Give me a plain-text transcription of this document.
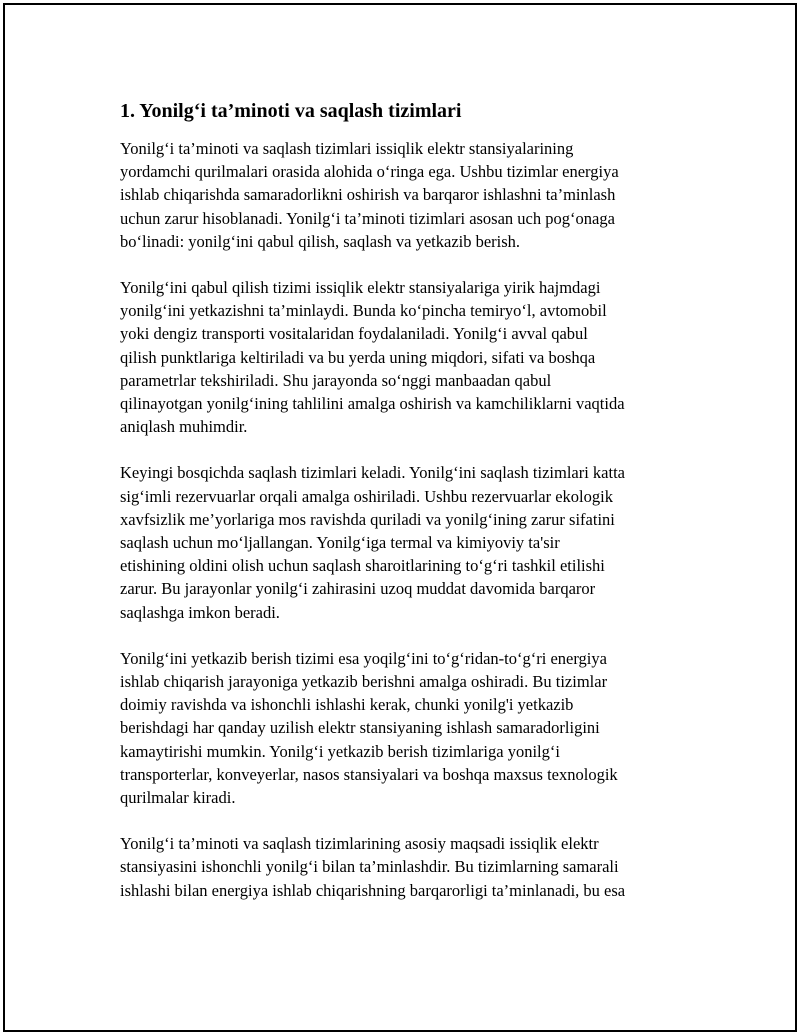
1. Yonilg‘i ta’minoti va saqlash tizimlari

Yonilg‘i ta’minoti va saqlash tizimlari issiqlik elektr stansiyalarining
yordamchi qurilmalari orasida alohida o‘ringa ega. Ushbu tizimlar energiya
ishlab chiqarishda samaradorlikni oshirish va barqaror ishlashni ta’minlash
uchun zarur hisoblanadi. Yonilg‘i ta’minoti tizimlari asosan uch pog‘onaga
bo‘linadi: yonilg‘ini qabul qilish, saqlash va yetkazib berish.

Yonilg‘ini qabul qilish tizimi issiqlik elektr stansiyalariga yirik hajmdagi
yonilg‘ini yetkazishni ta’minlaydi. Bunda ko‘pincha temiryo‘l, avtomobil
yoki dengiz transporti vositalaridan foydalaniladi. Yonilg‘i avval qabul
qilish punktlariga keltiriladi va bu yerda uning miqdori, sifati va boshqa
parametrlar tekshiriladi. Shu jarayonda so‘nggi manbaadan qabul
qilinayotgan yonilg‘ining tahlilini amalga oshirish va kamchiliklarni vaqtida
aniqlash muhimdir.

Keyingi bosqichda saqlash tizimlari keladi. Yonilg‘ini saqlash tizimlari katta
sig‘imli rezervuarlar orqali amalga oshiriladi. Ushbu rezervuarlar ekologik
xavfsizlik me’yorlariga mos ravishda quriladi va yonilg‘ining zarur sifatini
saqlash uchun mo‘ljallangan. Yonilg‘iga termal va kimiyoviy ta'sir
etishining oldini olish uchun saqlash sharoitlarining to‘g‘ri tashkil etilishi
zarur. Bu jarayonlar yonilg‘i zahirasini uzoq muddat davomida barqaror
saqlashga imkon beradi.

Yonilg‘ini yetkazib berish tizimi esa yoqilg‘ini to‘g‘ridan-to‘g‘ri energiya
ishlab chiqarish jarayoniga yetkazib berishni amalga oshiradi. Bu tizimlar
doimiy ravishda va ishonchli ishlashi kerak, chunki yonilg'i yetkazib
berishdagi har qanday uzilish elektr stansiyaning ishlash samaradorligini
kamaytirishi mumkin. Yonilg‘i yetkazib berish tizimlariga yonilg‘i
transporterlar, konveyerlar, nasos stansiyalari va boshqa maxsus texnologik
qurilmalar kiradi.

Yonilg‘i ta’minoti va saqlash tizimlarining asosiy maqsadi issiqlik elektr
stansiyasini ishonchli yonilg‘i bilan ta’minlashdir. Bu tizimlarning samarali
ishlashi bilan energiya ishlab chiqarishning barqarorligi ta’minlanadi, bu esa
